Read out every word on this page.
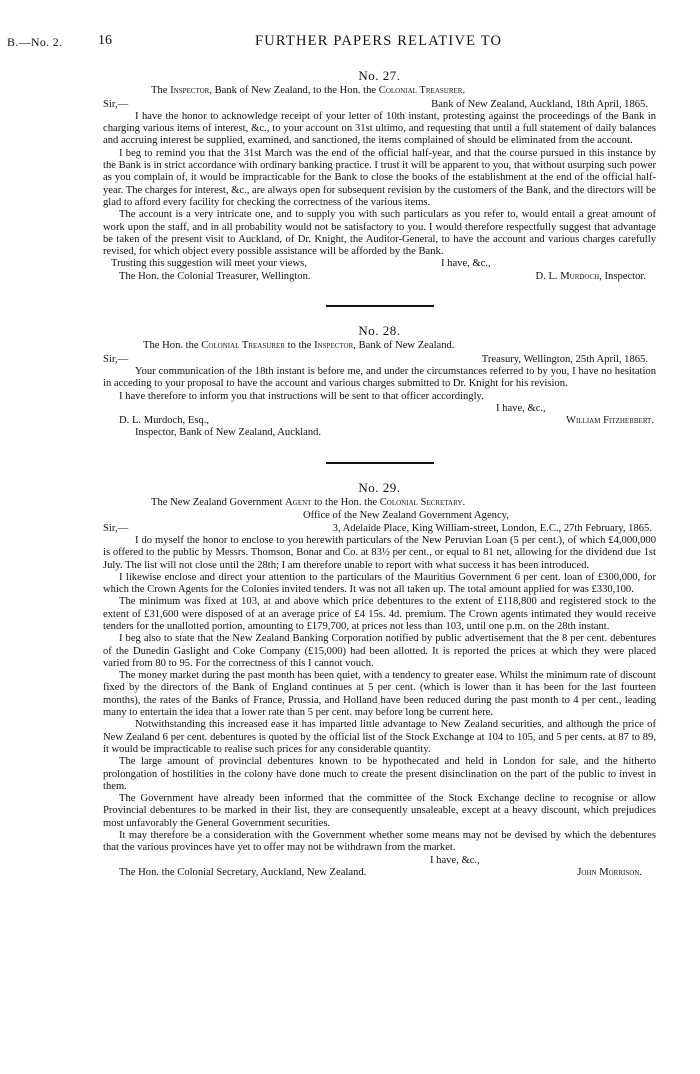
B.—No. 2.	16	FURTHER PAPERS RELATIVE TO
No. 27.
The Inspector, Bank of New Zealand, to the Hon. the Colonial Treasurer.
Sir,—	Bank of New Zealand, Auckland, 18th April, 1865.

I have the honor to acknowledge receipt of your letter of 10th instant, protesting against the proceedings of the Bank in charging various items of interest, &c., to your account on 31st ultimo, and requesting that until a full statement of daily balances and accruing interest be supplied, examined, and sanctioned, the items complained of should be eliminated from the account.

I beg to remind you that the 31st March was the end of the official half-year, and that the course pursued in this instance by the Bank is in strict accordance with ordinary banking practice. I trust it will be apparent to you, that without usurping such power as you complain of, it would be impracticable for the Bank to close the books of the establishment at the end of the official half-year. The charges for interest, &c., are always open for subsequent revision by the customers of the Bank, and the directors will be glad to afford every facility for checking the correctness of the various items.

The account is a very intricate one, and to supply you with such particulars as you refer to, would entail a great amount of work upon the staff, and in all probability would not be satisfactory to you. I would therefore respectfully suggest that advantage be taken of the present visit to Auckland, of Dr. Knight, the Auditor-General, to have the account and various charges carefully revised, for which object every possible assistance will be afforded by the Bank.

Trusting this suggestion will meet your views,	I have, &c.,
The Hon. the Colonial Treasurer, Wellington.	D. L. Murdoch, Inspector.
No. 28.
The Hon. the Colonial Treasurer to the Inspector, Bank of New Zealand.
Sir,—	Treasury, Wellington, 25th April, 1865.

Your communication of the 18th instant is before me, and under the circumstances referred to by you, I have no hesitation in acceding to your proposal to have the account and various charges submitted to Dr. Knight for his revision.

I have therefore to inform you that instructions will be sent to that officer accordingly.

I have, &c.,
D. L. Murdoch, Esq.,	William Fitzherbert.
Inspector, Bank of New Zealand, Auckland.
No. 29.
The New Zealand Government Agent to the Hon. the Colonial Secretary.
Office of the New Zealand Government Agency,
Sir,—	3, Adelaide Place, King William-street, London, E.C., 27th February, 1865.

I do myself the honor to enclose to you herewith particulars of the New Peruvian Loan (5 per cent.), of which £4,000,000 is offered to the public by Messrs. Thomson, Bonar and Co. at 83½ per cent., or equal to 81 net, allowing for the dividend due 1st July. The list will not close until the 28th; I am therefore unable to report with what success it has been introduced.

I likewise enclose and direct your attention to the particulars of the Mauritius Government 6 per cent. loan of £300,000, for which the Crown Agents for the Colonies invited tenders. It was not all taken up. The total amount applied for was £330,100.

The minimum was fixed at 103, at and above which price debentures to the extent of £118,800 and registered stock to the extent of £31,600 were disposed of at an average price of £4 15s. 4d. premium. The Crown agents intimated they would receive tenders for the unallotted portion, amounting to £179,700, at prices not less than 103, until one p.m. on the 28th instant.

I beg also to state that the New Zealand Banking Corporation notified by public advertisement that the 8 per cent. debentures of the Dunedin Gaslight and Coke Company (£15,000) had been allotted. It is reported the prices at which they were placed varied from 80 to 95. For the correctness of this I cannot vouch.

The money market during the past month has been quiet, with a tendency to greater ease. Whilst the minimum rate of discount fixed by the directors of the Bank of England continues at 5 per cent. (which is lower than it has been for the last fourteen months), the rates of the Banks of France, Prussia, and Holland have been reduced during the past month to 4 per cent., leading many to entertain the idea that a lower rate than 5 per cent. may before long be current here.

Notwithstanding this increased ease it has imparted little advantage to New Zealand securities, and although the price of New Zealand 6 per cent. debentures is quoted by the official list of the Stock Exchange at 104 to 105, and 5 per cents. at 87 to 89, it would be impracticable to realise such prices for any considerable quantity.

The large amount of provincial debentures known to be hypothecated and held in London for sale, and the hitherto prolongation of hostilities in the colony have done much to create the present disinclination on the part of the public to invest in them.

The Government have already been informed that the committee of the Stock Exchange decline to recognise or allow Provincial debentures to be marked in their list, they are consequently unsaleable, except at a heavy discount, which prejudices most unfavorably the General Government securities.

It may therefore be a consideration with the Government whether some means may not be devised by which the debentures that the various provinces have yet to offer may not be withdrawn from the market.

I have, &c.,
The Hon. the Colonial Secretary, Auckland, New Zealand.	John Morrison.
